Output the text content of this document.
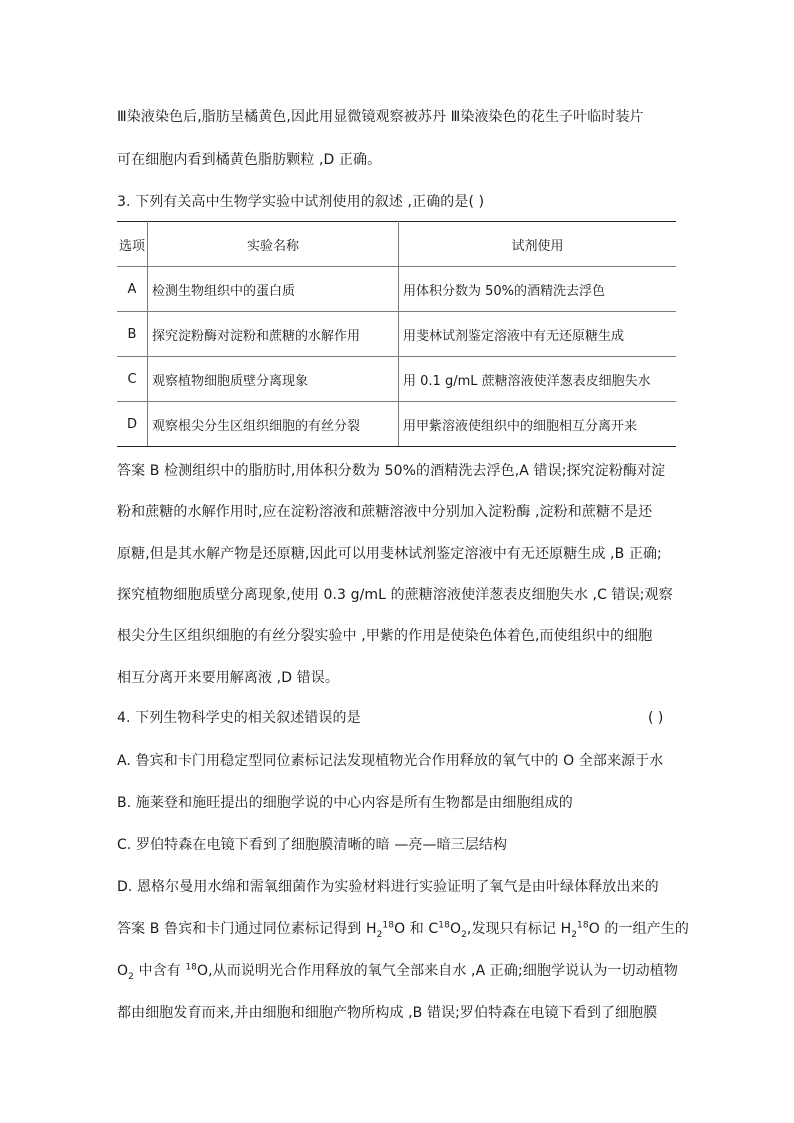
Ⅲ染液染色后,脂肪呈橘黄色,因此用显微镜观察被苏丹 Ⅲ染液染色的花生子叶临时装片
可在细胞内看到橘黄色脂肪颗粒 ,D 正确。
3. 下列有关高中生物学实验中试剂使用的叙述 ,正确的是( )
选项	实验名称	试剂使用
A	检测生物组织中的蛋白质	用体积分数为 50%的酒精洗去浮色
B	探究淀粉酶对淀粉和蔗糖的水解作用	用斐林试剂鉴定溶液中有无还原糖生成
C	观察植物细胞质壁分离现象	用 0.1 g/mL 蔗糖溶液使洋葱表皮细胞失水
D	观察根尖分生区组织细胞的有丝分裂	用甲紫溶液使组织中的细胞相互分离开来
答案 B 检测组织中的脂肪时,用体积分数为 50%的酒精洗去浮色,A 错误;探究淀粉酶对淀
粉和蔗糖的水解作用时,应在淀粉溶液和蔗糖溶液中分别加入淀粉酶 ,淀粉和蔗糖不是还
原糖,但是其水解产物是还原糖,因此可以用斐林试剂鉴定溶液中有无还原糖生成 ,B 正确;
探究植物细胞质壁分离现象,使用 0.3 g/mL 的蔗糖溶液使洋葱表皮细胞失水 ,C 错误;观察
根尖分生区组织细胞的有丝分裂实验中 ,甲紫的作用是使染色体着色,而使组织中的细胞
相互分离开来要用解离液 ,D 错误。
4. 下列生物科学史的相关叙述错误的是	( )
A. 鲁宾和卡门用稳定型同位素标记法发现植物光合作用释放的氧气中的 O 全部来源于水
B. 施莱登和施旺提出的细胞学说的中心内容是所有生物都是由细胞组成的
C. 罗伯特森在电镜下看到了细胞膜清晰的暗 —亮—暗三层结构
D. 恩格尔曼用水绵和需氧细菌作为实验材料进行实验证明了氧气是由叶绿体释放出来的
答案 B 鲁宾和卡门通过同位素标记得到 $H_2^{18}O$ 和 $C^{18}O_2$,发现只有标记 $H_2^{18}O$ 的一组产生的
$O_2$ 中含有 $^{18}$O,从而说明光合作用释放的氧气全部来自水 ,A 正确;细胞学说认为一切动植物
都由细胞发育而来,并由细胞和细胞产物所构成 ,B 错误;罗伯特森在电镜下看到了细胞膜
